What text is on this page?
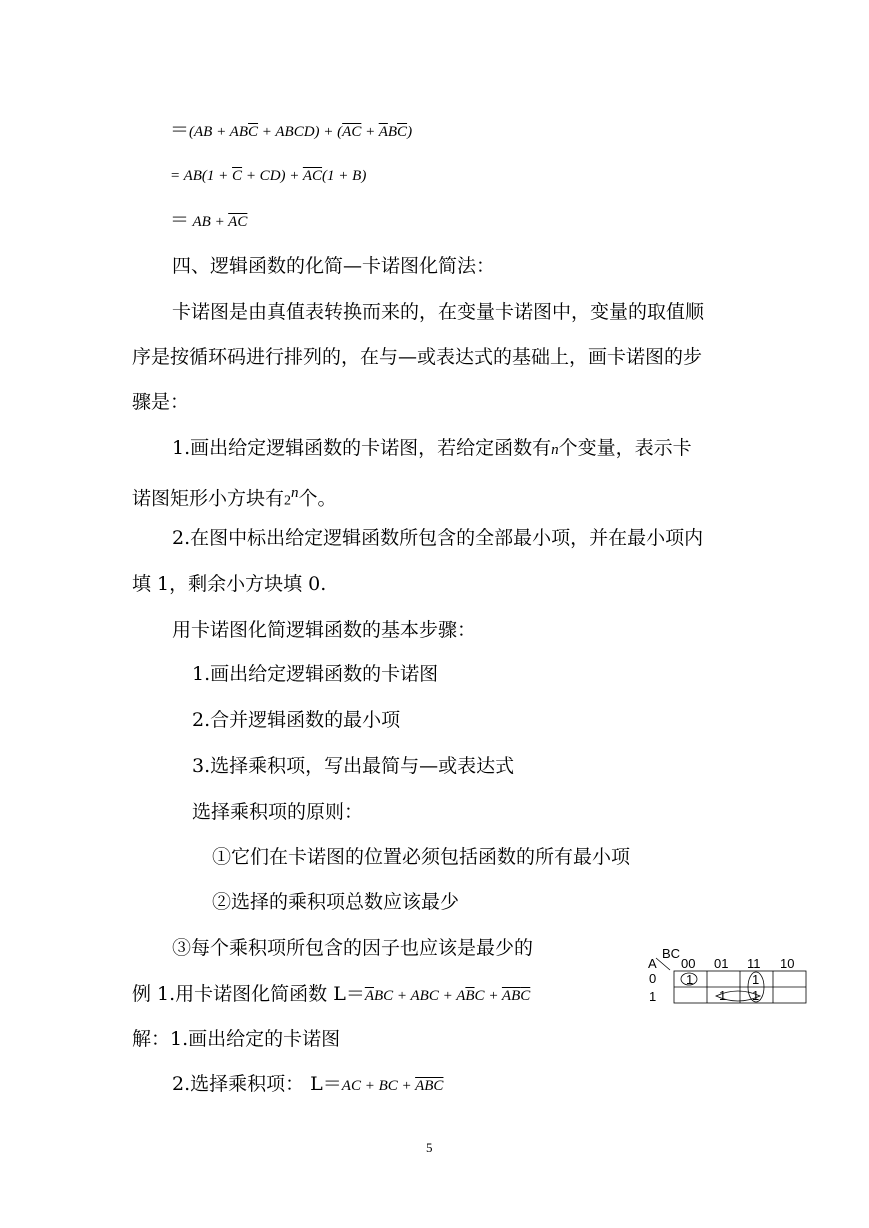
$=(AB + AB\overline{C}$ + ABCD) + $(\overline{AC} + \overline{A}B\overline{C})$
= $AB(1 + \overline{C} + CD) + \overline{AC}(1 + B)$
＝ AB + $\overline{AC}$
四、逻辑函数的化简—卡诺图化简法：
卡诺图是由真值表转换而来的，在变量卡诺图中，变量的取值顺
序是按循环码进行排列的，在与—或表达式的基础上，画卡诺图的步
骤是：
1.画出给定逻辑函数的卡诺图，若给定函数有n个变量，表示卡
诺图矩形小方块有2$^n$个。
2.在图中标出给定逻辑函数所包含的全部最小项，并在最小项内
填 1，剩余小方块填 0.
用卡诺图化简逻辑函数的基本步骤：
1.画出给定逻辑函数的卡诺图
2.合并逻辑函数的最小项
3.选择乘积项，写出最简与—或表达式
选择乘积项的原则：
①它们在卡诺图的位置必须包括函数的所有最小项
②选择的乘积项总数应该最少
③每个乘积项所包含的因子也应该是最少的
例 1.用卡诺图化简函数 $L=\overline{A}BC$ + ABC + $A\overline{B}C + \overline{AB}\overline{C}$
解：1.画出给定的卡诺图
2.选择乘积项： L＝AC + BC + $\overline{ABC}$
A
BC
00 01 11 10
0
1
1	1
1 1
5
